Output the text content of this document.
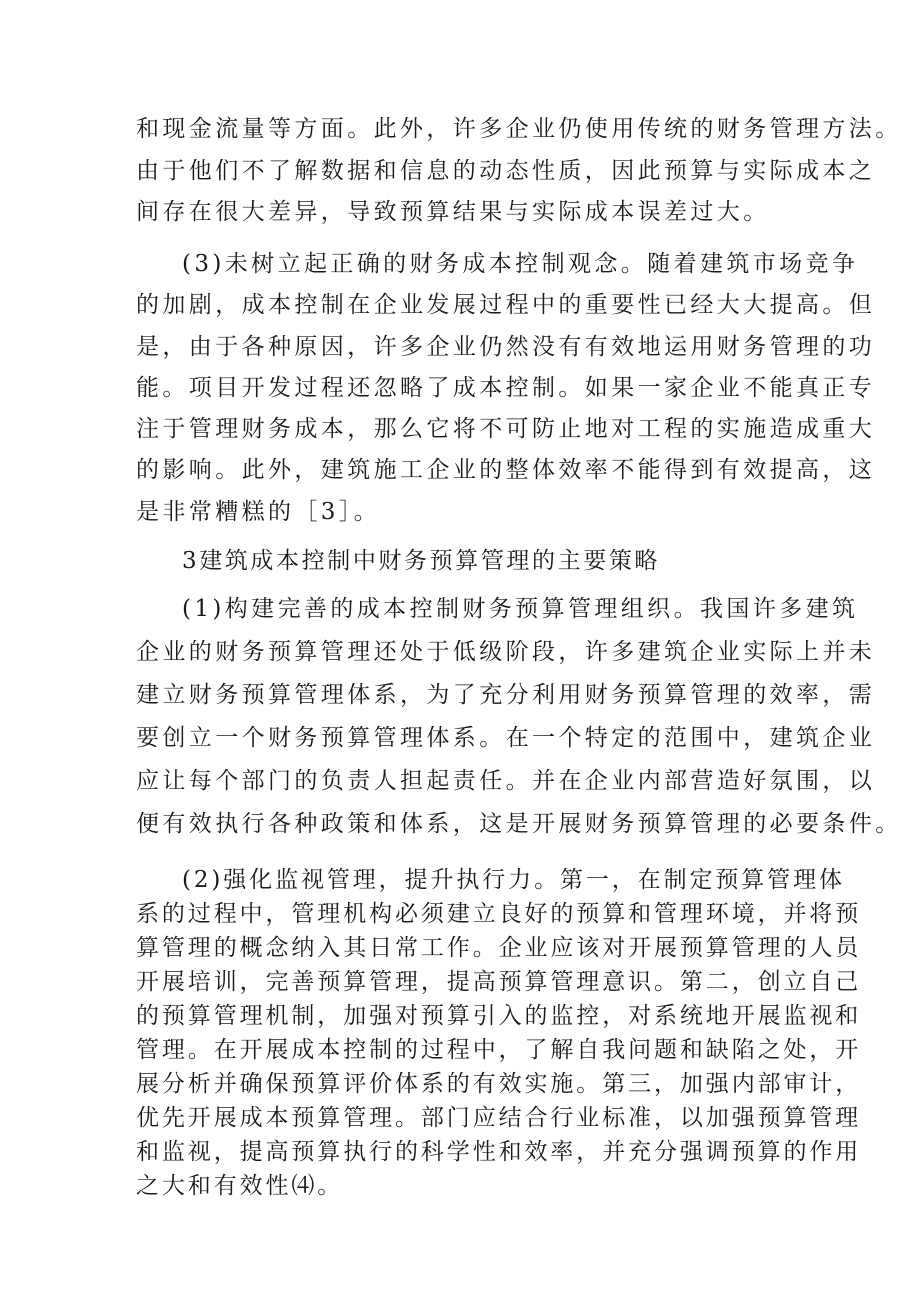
和现金流量等方面。此外，许多企业仍使用传统的财务管理方法。

由于他们不了解数据和信息的动态性质，因此预算与实际成本之

间存在很大差异，导致预算结果与实际成本误差过大。

(3)未树立起正确的财务成本控制观念。随着建筑市场竞争

的加剧，成本控制在企业发展过程中的重要性已经大大提高。但

是，由于各种原因，许多企业仍然没有有效地运用财务管理的功

能。项目开发过程还忽略了成本控制。如果一家企业不能真正专

注于管理财务成本，那么它将不可防止地对工程的实施造成重大

的影响。此外，建筑施工企业的整体效率不能得到有效提高，这

是非常糟糕的［3］。

3建筑成本控制中财务预算管理的主要策略

(1)构建完善的成本控制财务预算管理组织。我国许多建筑

企业的财务预算管理还处于低级阶段，许多建筑企业实际上并未

建立财务预算管理体系，为了充分利用财务预算管理的效率，需

要创立一个财务预算管理体系。在一个特定的范围中，建筑企业

应让每个部门的负责人担起责任。并在企业内部营造好氛围，以

便有效执行各种政策和体系，这是开展财务预算管理的必要条件。

(2)强化监视管理，提升执行力。第一，在制定预算管理体

系的过程中，管理机构必须建立良好的预算和管理环境，并将预

算管理的概念纳入其日常工作。企业应该对开展预算管理的人员

开展培训，完善预算管理，提高预算管理意识。第二，创立自己

的预算管理机制，加强对预算引入的监控，对系统地开展监视和

管理。在开展成本控制的过程中，了解自我问题和缺陷之处，开

展分析并确保预算评价体系的有效实施。第三，加强内部审计，

优先开展成本预算管理。部门应结合行业标准，以加强预算管理

和监视，提高预算执行的科学性和效率，并充分强调预算的作用

之大和有效性⑷。
